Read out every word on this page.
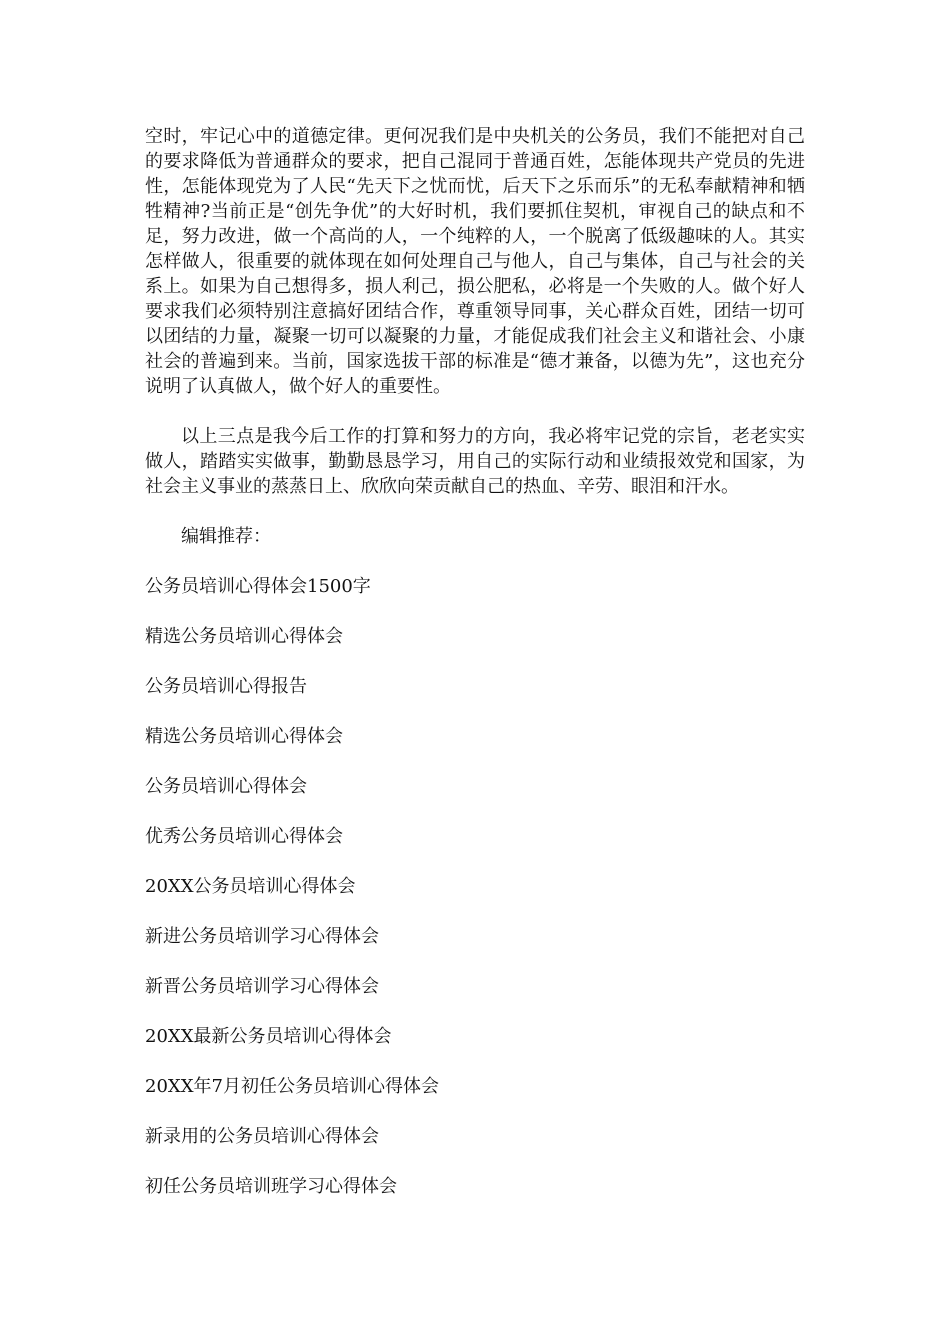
空时，牢记心中的道德定律。更何况我们是中央机关的公务员，我们不能把对自己的要求降低为普通群众的要求，把自己混同于普通百姓，怎能体现共产党员的先进性，怎能体现党为了人民“先天下之忧而忧，后天下之乐而乐”的无私奉献精神和牺牲精神?当前正是“创先争优”的大好时机，我们要抓住契机，审视自己的缺点和不足，努力改进，做一个高尚的人，一个纯粹的人，一个脱离了低级趣味的人。其实怎样做人，很重要的就体现在如何处理自己与他人，自己与集体，自己与社会的关系上。如果为自己想得多，损人利己，损公肥私，必将是一个失败的人。做个好人要求我们必须特别注意搞好团结合作，尊重领导同事，关心群众百姓，团结一切可以团结的力量，凝聚一切可以凝聚的力量，才能促成我们社会主义和谐社会、小康社会的普遍到来。当前，国家选拔干部的标准是“德才兼备，以德为先”，这也充分说明了认真做人，做个好人的重要性。

以上三点是我今后工作的打算和努力的方向，我必将牢记党的宗旨，老老实实做人，踏踏实实做事，勤勤恳恳学习，用自己的实际行动和业绩报效党和国家，为社会主义事业的蒸蒸日上、欣欣向荣贡献自己的热血、辛劳、眼泪和汗水。

编辑推荐：

公务员培训心得体会1500字
精选公务员培训心得体会
公务员培训心得报告
精选公务员培训心得体会
公务员培训心得体会
优秀公务员培训心得体会
20XX公务员培训心得体会
新进公务员培训学习心得体会
新晋公务员培训学习心得体会
20XX最新公务员培训心得体会
20XX年7月初任公务员培训心得体会
新录用的公务员培训心得体会
初任公务员培训班学习心得体会
